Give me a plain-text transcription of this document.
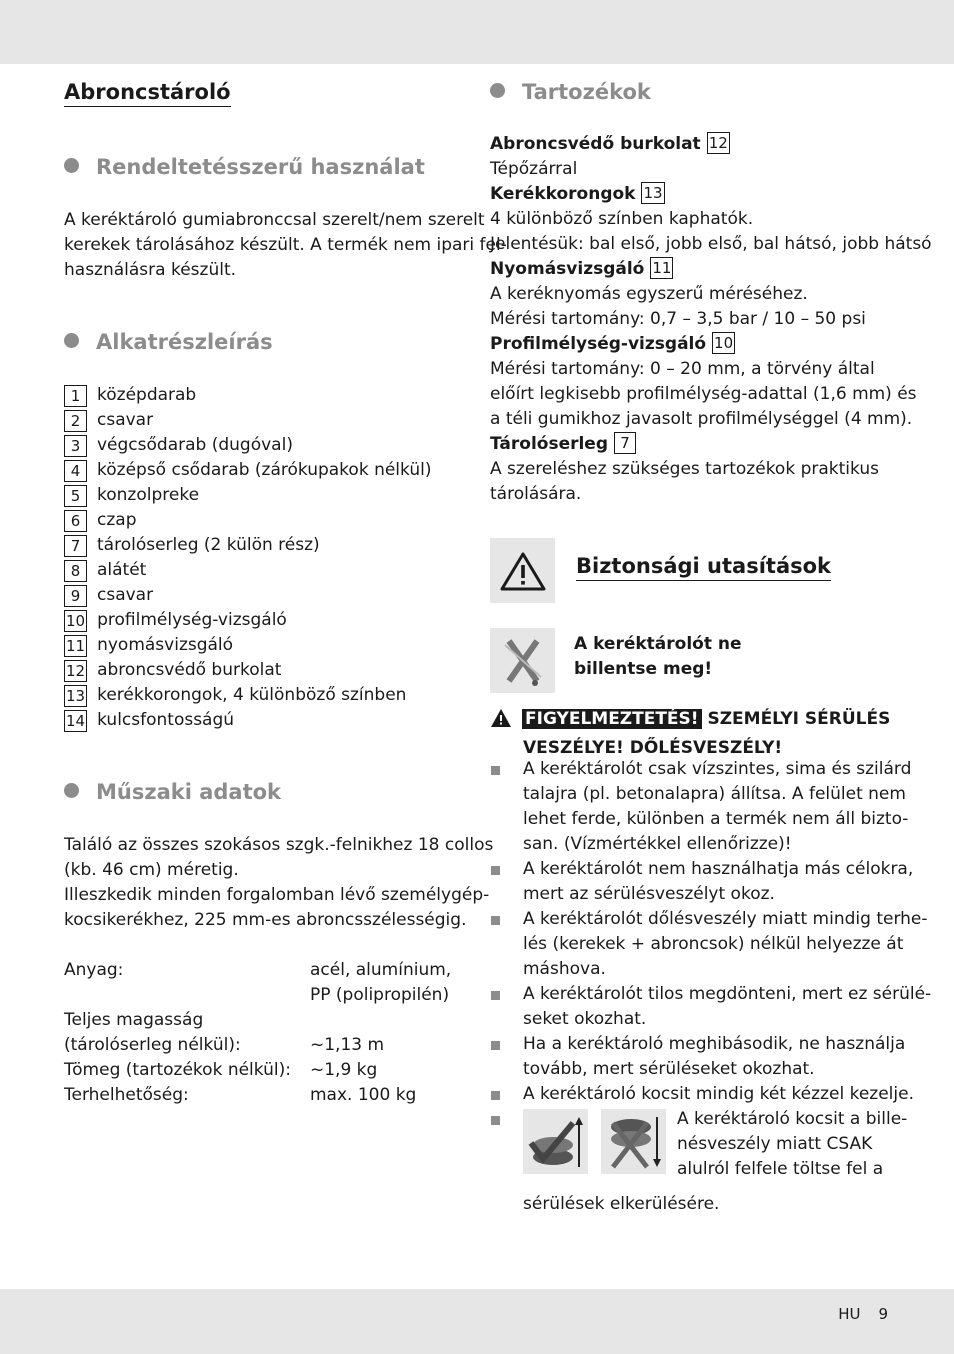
Abroncstároló
Rendeltetésszerű használat
A keréktároló gumiabronccsal szerelt/nem szerelt
kerekek tárolásához készült. A termék nem ipari fel-
használásra készült.
Alkatrészleírás
1 középdarab
2 csavar
3 végcsődarab (dugóval)
4 középső csődarab (zárókupakok nélkül)
5 konzolpreke
6 czap
7 tárolóserleg (2 külön rész)
8 alátét
9 csavar
10 profilmélység-vizsgáló
11 nyomásvizsgáló
12 abroncsvédő burkolat
13 kerékkorongok, 4 különböző színben
14 kulcsfontosságú
Műszaki adatok
Találó az összes szokásos szgk.-felnikhez 18 collos
(kb. 46 cm) méretig.
Illeszkedik minden forgalomban lévő személygép-
kocsikerékhez, 225 mm-es abroncsszélességig.
Anyag:	acél, alumínium,
PP (polipropilén)
Teljes magasság
(tárolóserleg nélkül):	~1,13 m
Tömeg (tartozékok nélkül):	~1,9 kg
Terhelhetőség:	max. 100 kg
Tartozékok
Abroncsvédő burkolat 12
Tépőzárral
Kerékkorongok 13
4 különböző színben kaphatók.
Jelentésük: bal első, jobb első, bal hátsó, jobb hátsó
Nyomásvizsgáló 11
A keréknyomás egyszerű méréséhez.
Mérési tartomány: 0,7 – 3,5 bar / 10 – 50 psi
Profilmélység-vizsgáló 10
Mérési tartomány: 0 – 20 mm, a törvény által
előírt legkisebb profilmélység-adattal (1,6 mm) és
a téli gumikhoz javasolt profilmélységgel (4 mm).
Tárolóserleg 7
A szereléshez szükséges tartozékok praktikus
tárolására.
Biztonsági utasítások
A keréktárolót ne
billentse meg!
FIGYELMEZTETÉS! SZEMÉLYI SÉRÜLÉS
VESZÉLYE! DŐLÉSVESZÉLY!
A keréktárolót csak vízszintes, sima és szilárd
talajra (pl. betonalapra) állítsa. A felület nem
lehet ferde, különben a termék nem áll bizto-
san. (Vízmértékkel ellenőrizze)!
A keréktárolót nem használhatja más célokra,
mert az sérülésveszélyt okoz.
A keréktárolót dőlésveszély miatt mindig terhe-
lés (kerekek + abroncsok) nélkül helyezze át
máshova.
A keréktárolót tilos megdönteni, mert ez sérülé-
seket okozhat.
Ha a keréktároló meghibásodik, ne használja
tovább, mert sérüléseket okozhat.
A keréktároló kocsit mindig két kézzel kezelje.
A keréktároló kocsit a bille-
nésveszély miatt CSAK
alulról felfele töltse fel a
sérülések elkerülésére.
HU 9
